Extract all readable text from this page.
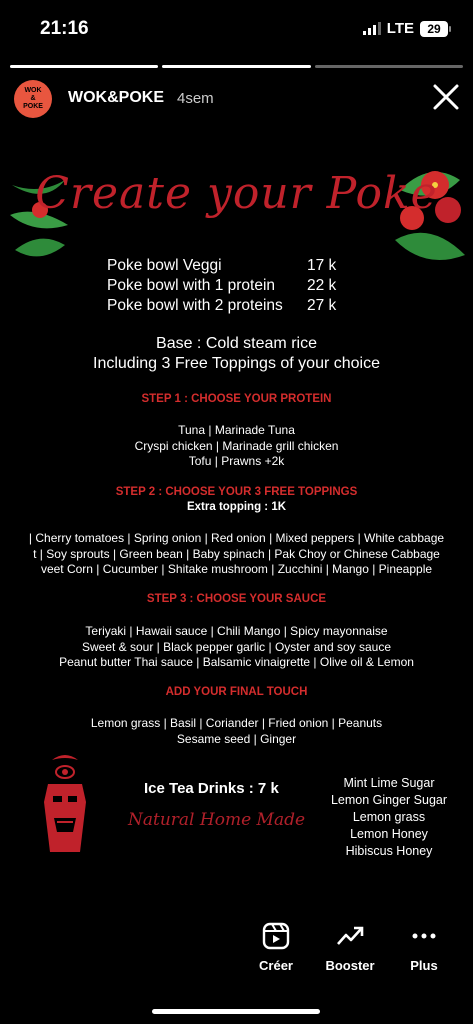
21:16	LTE	29
WOK
&
POKE
WOK&POKE 4sem
Create your Poke
Poke bowl Veggi	17 k
Poke bowl with 1 protein	22 k
Poke bowl with 2 proteins	27 k
Base : Cold steam rice
Including 3 Free Toppings of your choice
STEP 1 : CHOOSE YOUR PROTEIN
Tuna | Marinade Tuna
Cryspi chicken | Marinade grill chicken
Tofu | Prawns +2k
STEP 2 : CHOOSE YOUR 3 FREE TOPPINGS
Extra topping : 1K
| Cherry tomatoes | Spring onion | Red onion | Mixed peppers | White cabbage
t | Soy sprouts | Green bean | Baby spinach | Pak Choy or Chinese Cabbage
veet Corn | Cucumber | Shitake mushroom | Zucchini | Mango | Pineapple
STEP 3 : CHOOSE YOUR SAUCE
Teriyaki | Hawaii sauce | Chili Mango | Spicy mayonnaise
Sweet & sour | Black pepper garlic | Oyster and soy sauce
Peanut butter Thai sauce | Balsamic vinaigrette | Olive oil & Lemon
ADD YOUR FINAL TOUCH
Lemon grass | Basil | Coriander | Fried onion | Peanuts
Sesame seed | Ginger
Ice Tea Drinks : 7 k
Natural Home Made
Mint Lime Sugar
Lemon Ginger Sugar
Lemon grass
Lemon Honey
Hibiscus Honey
Créer	Booster	Plus
